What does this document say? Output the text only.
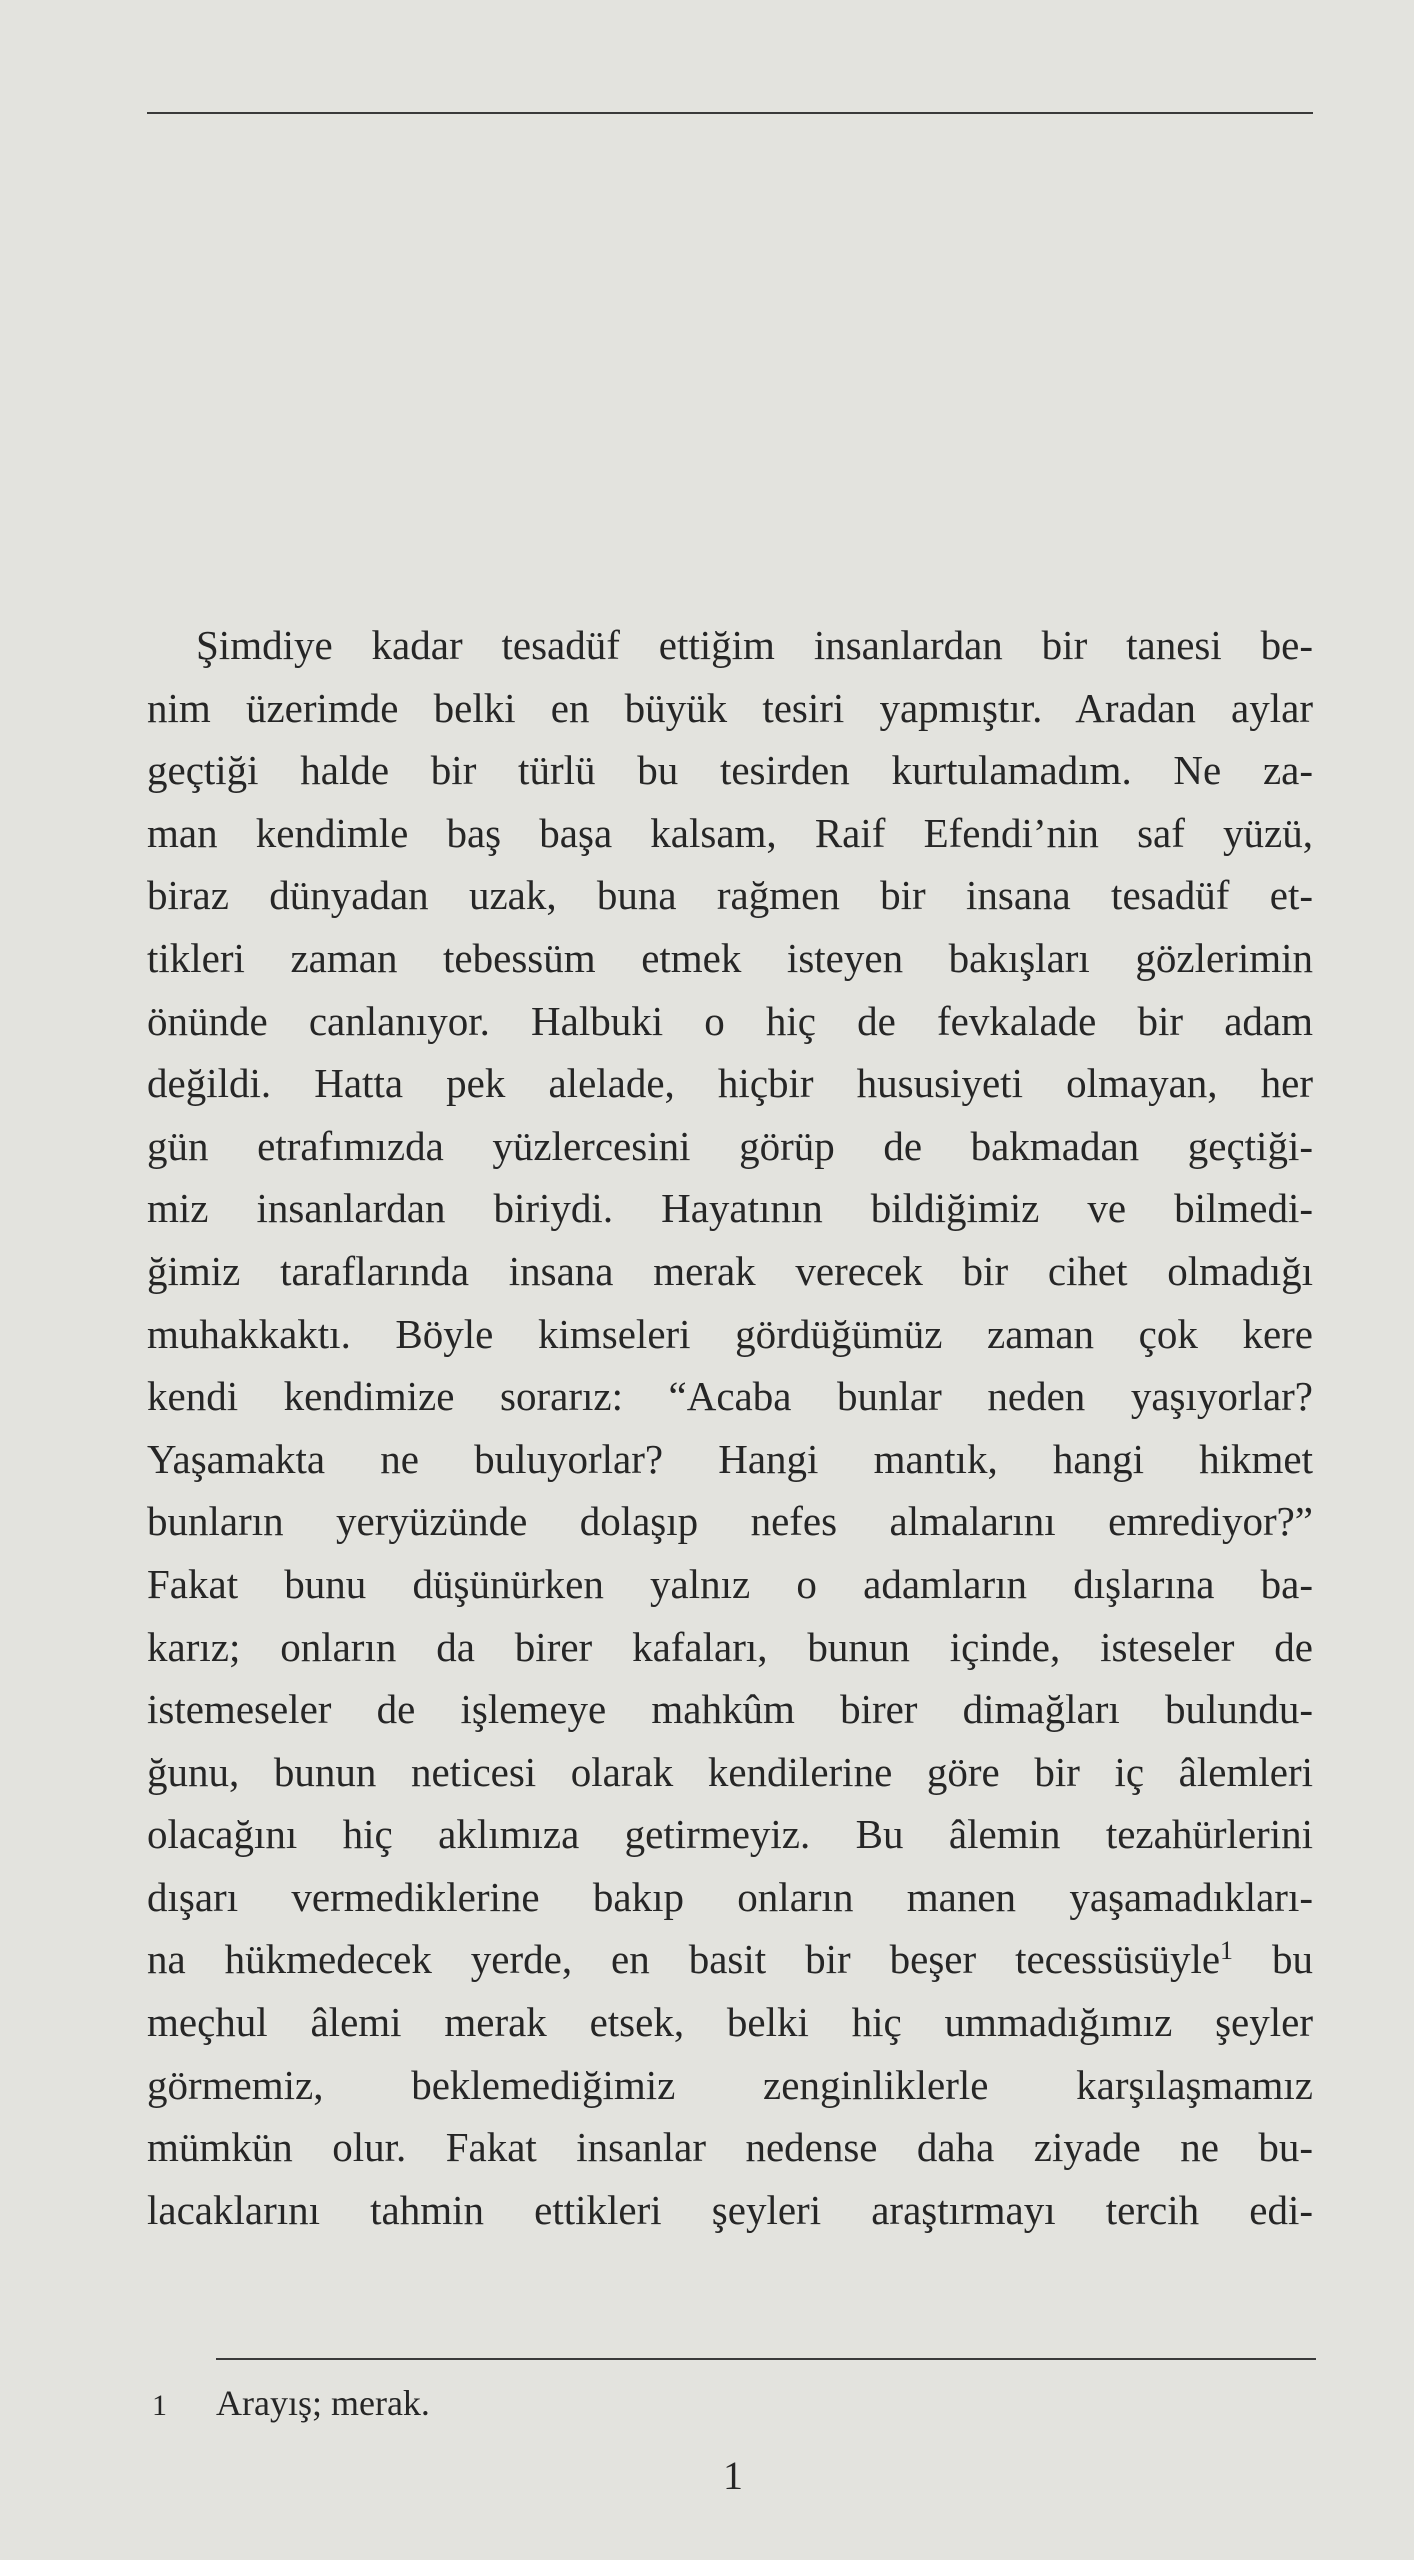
Şimdiye kadar tesadüf ettiğim insanlardan bir tanesi be-
nim üzerimde belki en büyük tesiri yapmıştır. Aradan aylar
geçtiği halde bir türlü bu tesirden kurtulamadım. Ne za-
man kendimle baş başa kalsam, Raif Efendi’nin saf yüzü,
biraz dünyadan uzak, buna rağmen bir insana tesadüf et-
tikleri zaman tebessüm etmek isteyen bakışları gözlerimin
önünde canlanıyor. Halbuki o hiç de fevkalade bir adam
değildi. Hatta pek alelade, hiçbir hususiyeti olmayan, her
gün etrafımızda yüzlercesini görüp de bakmadan geçtiği-
miz insanlardan biriydi. Hayatının bildiğimiz ve bilmedi-
ğimiz taraflarında insana merak verecek bir cihet olmadığı
muhakkaktı. Böyle kimseleri gördüğümüz zaman çok kere
kendi kendimize sorarız: “Acaba bunlar neden yaşıyorlar?
Yaşamakta ne buluyorlar? Hangi mantık, hangi hikmet
bunların yeryüzünde dolaşıp nefes almalarını emrediyor?”
Fakat bunu düşünürken yalnız o adamların dışlarına ba-
karız; onların da birer kafaları, bunun içinde, isteseler de
istemeseler de işlemeye mahkûm birer dimağları bulundu-
ğunu, bunun neticesi olarak kendilerine göre bir iç âlemleri
olacağını hiç aklımıza getirmeyiz. Bu âlemin tezahürlerini
dışarı vermediklerine bakıp onların manen yaşamadıkları-
na hükmedecek yerde, en basit bir beşer tecessüsüyle$^1$ bu
meçhul âlemi merak etsek, belki hiç ummadığımız şeyler
görmemiz, beklemediğimiz zenginliklerle karşılaşmamız
mümkün olur. Fakat insanlar nedense daha ziyade ne bu-
lacaklarını tahmin ettikleri şeyleri araştırmayı tercih edi-
1 Arayış; merak.
1
